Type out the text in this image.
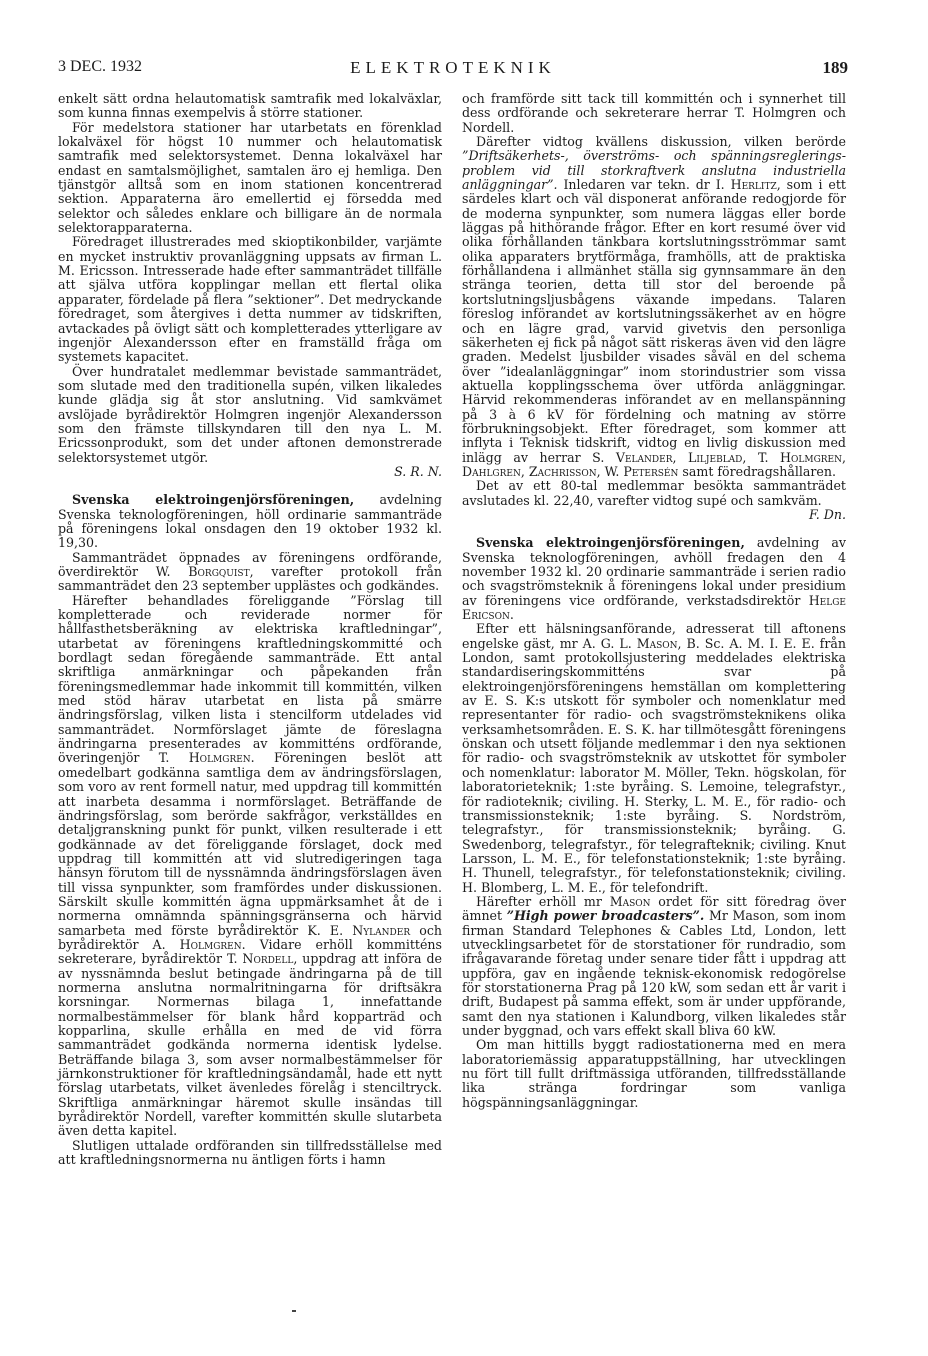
3 DEC. 1932	ELEKTROTEKNIK	189

enkelt sätt ordna helautomatisk samtrafik med lokalväxlar, som kunna finnas exempelvis å större stationer.

För medelstora stationer har utarbetats en förenklad lokalväxel för högst 10 nummer och helautomatisk samtrafik med selektorsystemet. Denna lokalväxel har endast en samtalsmöjlighet, samtalen äro ej hemliga. Den tjänstgör alltså som en inom stationen koncentrerad sektion. Apparaterna äro emellertid ej försedda med selektor och således enklare och billigare än de normala selektorapparaterna.

Föredraget illustrerades med skioptikonbilder, varjämte en mycket instruktiv provanläggning uppsats av firman L. M. Ericsson. Intresserade hade efter sammanträdet tillfälle att själva utföra kopplingar mellan ett flertal olika apparater, fördelade på flera ”sektioner”. Det medryckande föredraget, som återgives i detta nummer av tidskriften, avtackades på övligt sätt och kompletterades ytterligare av ingenjör Alexandersson efter en framställd fråga om systemets kapacitet.

Över hundratalet medlemmar bevistade sammanträdet, som slutade med den traditionella supén, vilken likaledes kunde glädja sig åt stor anslutning. Vid samkvämet avslöjade byrådirektör Holmgren ingenjör Alexandersson som den främste tillskyndaren till den nya L. M. Ericssonprodukt, som det under aftonen demonstrerade selektorsystemet utgör.

S. R. N.

Svenska elektroingenjörsföreningen, avdelning Svenska teknologföreningen, höll ordinarie sammanträde på föreningens lokal onsdagen den 19 oktober 1932 kl. 19,30.

Sammanträdet öppnades av föreningens ordförande, överdirektör W. Borgquist, varefter protokoll från sammanträdet den 23 september upplästes och godkändes.

Härefter behandlades föreliggande ”Förslag till kompletterade och reviderade normer för hållfasthetsberäkning av elektriska kraftledningar”, utarbetat av föreningens kraftledningskommitté och bordlagt sedan föregående sammanträde. Ett antal skriftliga anmärkningar och påpekanden från föreningsmedlemmar hade inkommit till kommittén, vilken med stöd härav utarbetat en lista på smärre ändringsförslag, vilken lista i stencilform utdelades vid sammanträdet. Normförslaget jämte de föreslagna ändringarna presenterades av kommitténs ordförande, överingenjör T. Holmgren. Föreningen beslöt att omedelbart godkänna samtliga dem av ändringsförslagen, som voro av rent formell natur, med uppdrag till kommittén att inarbeta desamma i normförslaget. Beträffande de ändringsförslag, som berörde sakfrågor, verkställdes en detaljgranskning punkt för punkt, vilken resulterade i ett godkännade av det föreliggande förslaget, dock med uppdrag till kommittén att vid slutredigeringen taga hänsyn förutom till de nyssnämnda ändringsförslagen även till vissa synpunkter, som framfördes under diskussionen. Särskilt skulle kommittén ägna uppmärksamhet åt de i normerna omnämnda spänningsgränserna och härvid samarbeta med förste byrådirektör K. E. Nylander och byrådirektör A. Holmgren. Vidare erhöll kommitténs sekreterare, byrådirektör T. Nordell, uppdrag att införa de av nyssnämnda beslut betingade ändringarna på de till normerna anslutna normalritningarna för driftsäkra korsningar. Normernas bilaga 1, innefattande normalbestämmelser för blank hård kopparträd och kopparlina, skulle erhålla en med de vid förra sammanträdet godkända normerna identisk lydelse. Beträffande bilaga 3, som avser normalbestämmelser för järnkonstruktioner för kraftledningsändamål, hade ett nytt förslag utarbetats, vilket ävenledes förelåg i stenciltryck. Skriftliga anmärkningar häremot skulle insändas till byrådirektör Nordell, varefter kommittén skulle slutarbeta även detta kapitel.

Slutligen uttalade ordföranden sin tillfredsställelse med att kraftledningsnormerna nu äntligen förts i hamn

och framförde sitt tack till kommittén och i synnerhet till dess ordförande och sekreterare herrar T. Holmgren och Nordell.

Därefter vidtog kvällens diskussion, vilken berörde ”Driftsäkerhets-, överströms- och spänningsreglerings-problem vid till storkraftverk anslutna industriella anläggningar”. Inledaren var tekn. dr I. Herlitz, som i ett särdeles klart och väl disponerat anförande redogjorde för de moderna synpunkter, som numera läggas eller borde läggas på hithörande frågor. Efter en kort resumé över vid olika förhållanden tänkbara kortslutningsströmmar samt olika apparaters brytförmåga, framhölls, att de praktiska förhållandena i allmänhet ställa sig gynnsammare än den stränga teorien, detta till stor del beroende på kortslutningsljusbågens växande impedans. Talaren föreslog införandet av kortslutningssäkerhet av en högre och en lägre grad, varvid givetvis den personliga säkerheten ej fick på något sätt riskeras även vid den lägre graden. Medelst ljusbilder visades såväl en del schema över ”idealanläggningar” inom storindustrier som vissa aktuella kopplingsschema över utförda anläggningar. Härvid rekommenderas införandet av en mellanspänning på 3 à 6 kV för fördelning och matning av större förbrukningsobjekt. Efter föredraget, som kommer att inflyta i Teknisk tidskrift, vidtog en livlig diskussion med inlägg av herrar S. Velander, Liljeblad, T. Holmgren, Dahlgren, Zachrisson, W. Petersén samt föredragshållaren.

Det av ett 80-tal medlemmar besökta sammanträdet avslutades kl. 22,40, varefter vidtog supé och samkväm.

F. Dn.

Svenska elektroingenjörsföreningen, avdelning av Svenska teknologföreningen, avhöll fredagen den 4 november 1932 kl. 20 ordinarie sammanträde i serien radio och svagströmsteknik å föreningens lokal under presidium av föreningens vice ordförande, verkstadsdirektör Helge Ericson.

Efter ett hälsningsanförande, adresserat till aftonens engelske gäst, mr A. G. L. Mason, B. Sc. A. M. I. E. E. från London, samt protokollsjustering meddelades elektriska standardiseringskommitténs svar på elektroingenjörsföreningens hemställan om komplettering av E. S. K:s utskott för symboler och nomenklatur med representanter för radio- och svagströmsteknikens olika verksamhetsområden. E. S. K. har tillmötesgått föreningens önskan och utsett följande medlemmar i den nya sektionen för radio- och svagströmsteknik av utskottet för symboler och nomenklatur: laborator M. Möller, Tekn. högskolan, för laboratorieteknik; 1:ste byråing. S. Lemoine, telegrafstyr., för radioteknik; civiling. H. Sterky, L. M. E., för radio- och transmissionsteknik; 1:ste byråing. S. Nordström, telegrafstyr., för transmissionsteknik; byråing. G. Swedenborg, telegrafstyr., för telegrafteknik; civiling. Knut Larsson, L. M. E., för telefonstationsteknik; 1:ste byråing. H. Thunell, telegrafstyr., för telefonstationsteknik; civiling. H. Blomberg, L. M. E., för telefondrift.

Härefter erhöll mr Mason ordet för sitt föredrag över ämnet ”High power broadcasters”. Mr Mason, som inom firman Standard Telephones & Cables Ltd, London, lett utvecklingsarbetet för de storstationer för rundradio, som ifrågavarande företag under senare tider fått i uppdrag att uppföra, gav en ingående teknisk-ekonomisk redogörelse för storstationerna Prag på 120 kW, som sedan ett år varit i drift, Budapest på samma effekt, som är under uppförande, samt den nya stationen i Kalundborg, vilken likaledes står under byggnad, och vars effekt skall bliva 60 kW.

Om man hittills byggt radiostationerna med en mera laboratoriemässig apparatuppställning, har utvecklingen nu fört till fullt driftmässiga utföranden, tillfredsställande lika stränga fordringar som vanliga högspänningsanläggningar.
